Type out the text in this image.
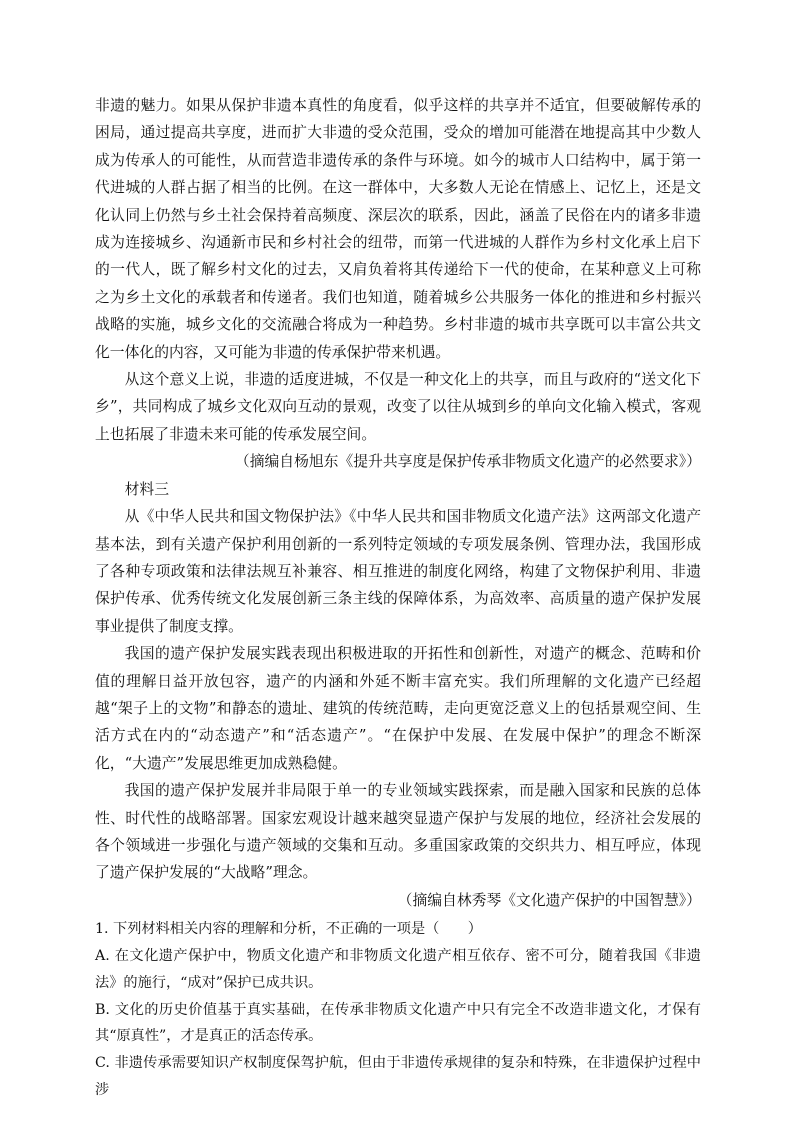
非遗的魅力。如果从保护非遗本真性的角度看，似乎这样的共享并不适宜，但要破解传承的困局，通过提高共享度，进而扩大非遗的受众范围，受众的增加可能潜在地提高其中少数人成为传承人的可能性，从而营造非遗传承的条件与环境。如今的城市人口结构中，属于第一代进城的人群占据了相当的比例。在这一群体中，大多数人无论在情感上、记忆上，还是文化认同上仍然与乡土社会保持着高频度、深层次的联系，因此，涵盖了民俗在内的诸多非遗成为连接城乡、沟通新市民和乡村社会的纽带，而第一代进城的人群作为乡村文化承上启下的一代人，既了解乡村文化的过去，又肩负着将其传递给下一代的使命，在某种意义上可称之为乡土文化的承载者和传递者。我们也知道，随着城乡公共服务一体化的推进和乡村振兴战略的实施，城乡文化的交流融合将成为一种趋势。乡村非遗的城市共享既可以丰富公共文化一体化的内容，又可能为非遗的传承保护带来机遇。

从这个意义上说，非遗的适度进城，不仅是一种文化上的共享，而且与政府的“送文化下乡”，共同构成了城乡文化双向互动的景观，改变了以往从城到乡的单向文化输入模式，客观上也拓展了非遗未来可能的传承发展空间。

（摘编自杨旭东《提升共享度是保护传承非物质文化遗产的必然要求》）

材料三

从《中华人民共和国文物保护法》《中华人民共和国非物质文化遗产法》这两部文化遗产基本法，到有关遗产保护利用创新的一系列特定领域的专项发展条例、管理办法，我国形成了各种专项政策和法律法规互补兼容、相互推进的制度化网络，构建了文物保护利用、非遗保护传承、优秀传统文化发展创新三条主线的保障体系，为高效率、高质量的遗产保护发展事业提供了制度支撑。

我国的遗产保护发展实践表现出积极进取的开拓性和创新性，对遗产的概念、范畴和价值的理解日益开放包容，遗产的内涵和外延不断丰富充实。我们所理解的文化遗产已经超越“架子上的文物”和静态的遗址、建筑的传统范畴，走向更宽泛意义上的包括景观空间、生活方式在内的“动态遗产”和“活态遗产”。“在保护中发展、在发展中保护”的理念不断深化，“大遗产”发展思维更加成熟稳健。

我国的遗产保护发展并非局限于单一的专业领域实践探索，而是融入国家和民族的总体性、时代性的战略部署。国家宏观设计越来越突显遗产保护与发展的地位，经济社会发展的各个领域进一步强化与遗产领域的交集和互动。多重国家政策的交织共力、相互呼应，体现了遗产保护发展的“大战略”理念。

（摘编自林秀琴《文化遗产保护的中国智慧》）

1. 下列材料相关内容的理解和分析，不正确的一项是（　　）

A. 在文化遗产保护中，物质文化遗产和非物质文化遗产相互依存、密不可分，随着我国《非遗法》的施行，“成对”保护已成共识。

B. 文化的历史价值基于真实基础，在传承非物质文化遗产中只有完全不改造非遗文化，才保有其“原真性”，才是真正的活态传承。

C. 非遗传承需要知识产权制度保驾护航，但由于非遗传承规律的复杂和特殊，在非遗保护过程中涉
